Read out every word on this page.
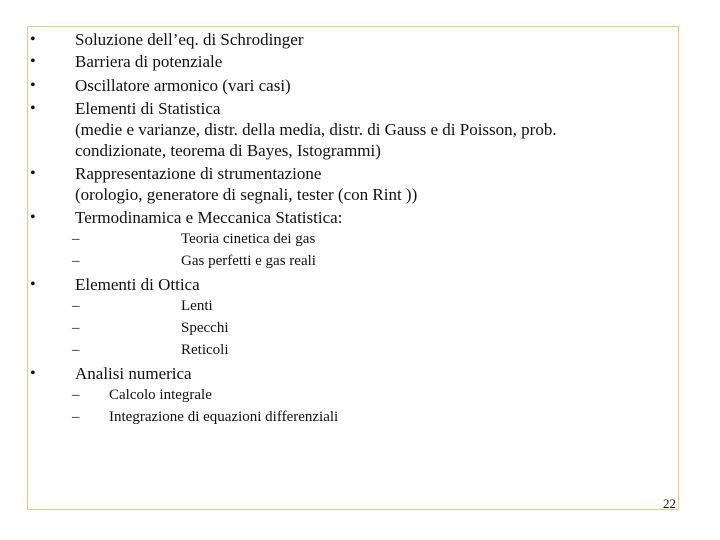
• Soluzione dell’eq. di Schrodinger
• Barriera di potenziale
• Oscillatore armonico (vari casi)
• Elementi di Statistica
(medie e varianze, distr. della media, distr. di Gauss e di Poisson, prob.
condizionate, teorema di Bayes, Istogrammi)
• Rappresentazione di strumentazione
(orologio, generatore di segnali, tester (con Rint ))
• Termodinamica e Meccanica Statistica:
–	Teoria cinetica dei gas
–	Gas perfetti e gas reali
• Elementi di Ottica
–	Lenti
–	Specchi
–	Reticoli
• Analisi numerica
– Calcolo integrale
– Integrazione di equazioni differenziali
22
